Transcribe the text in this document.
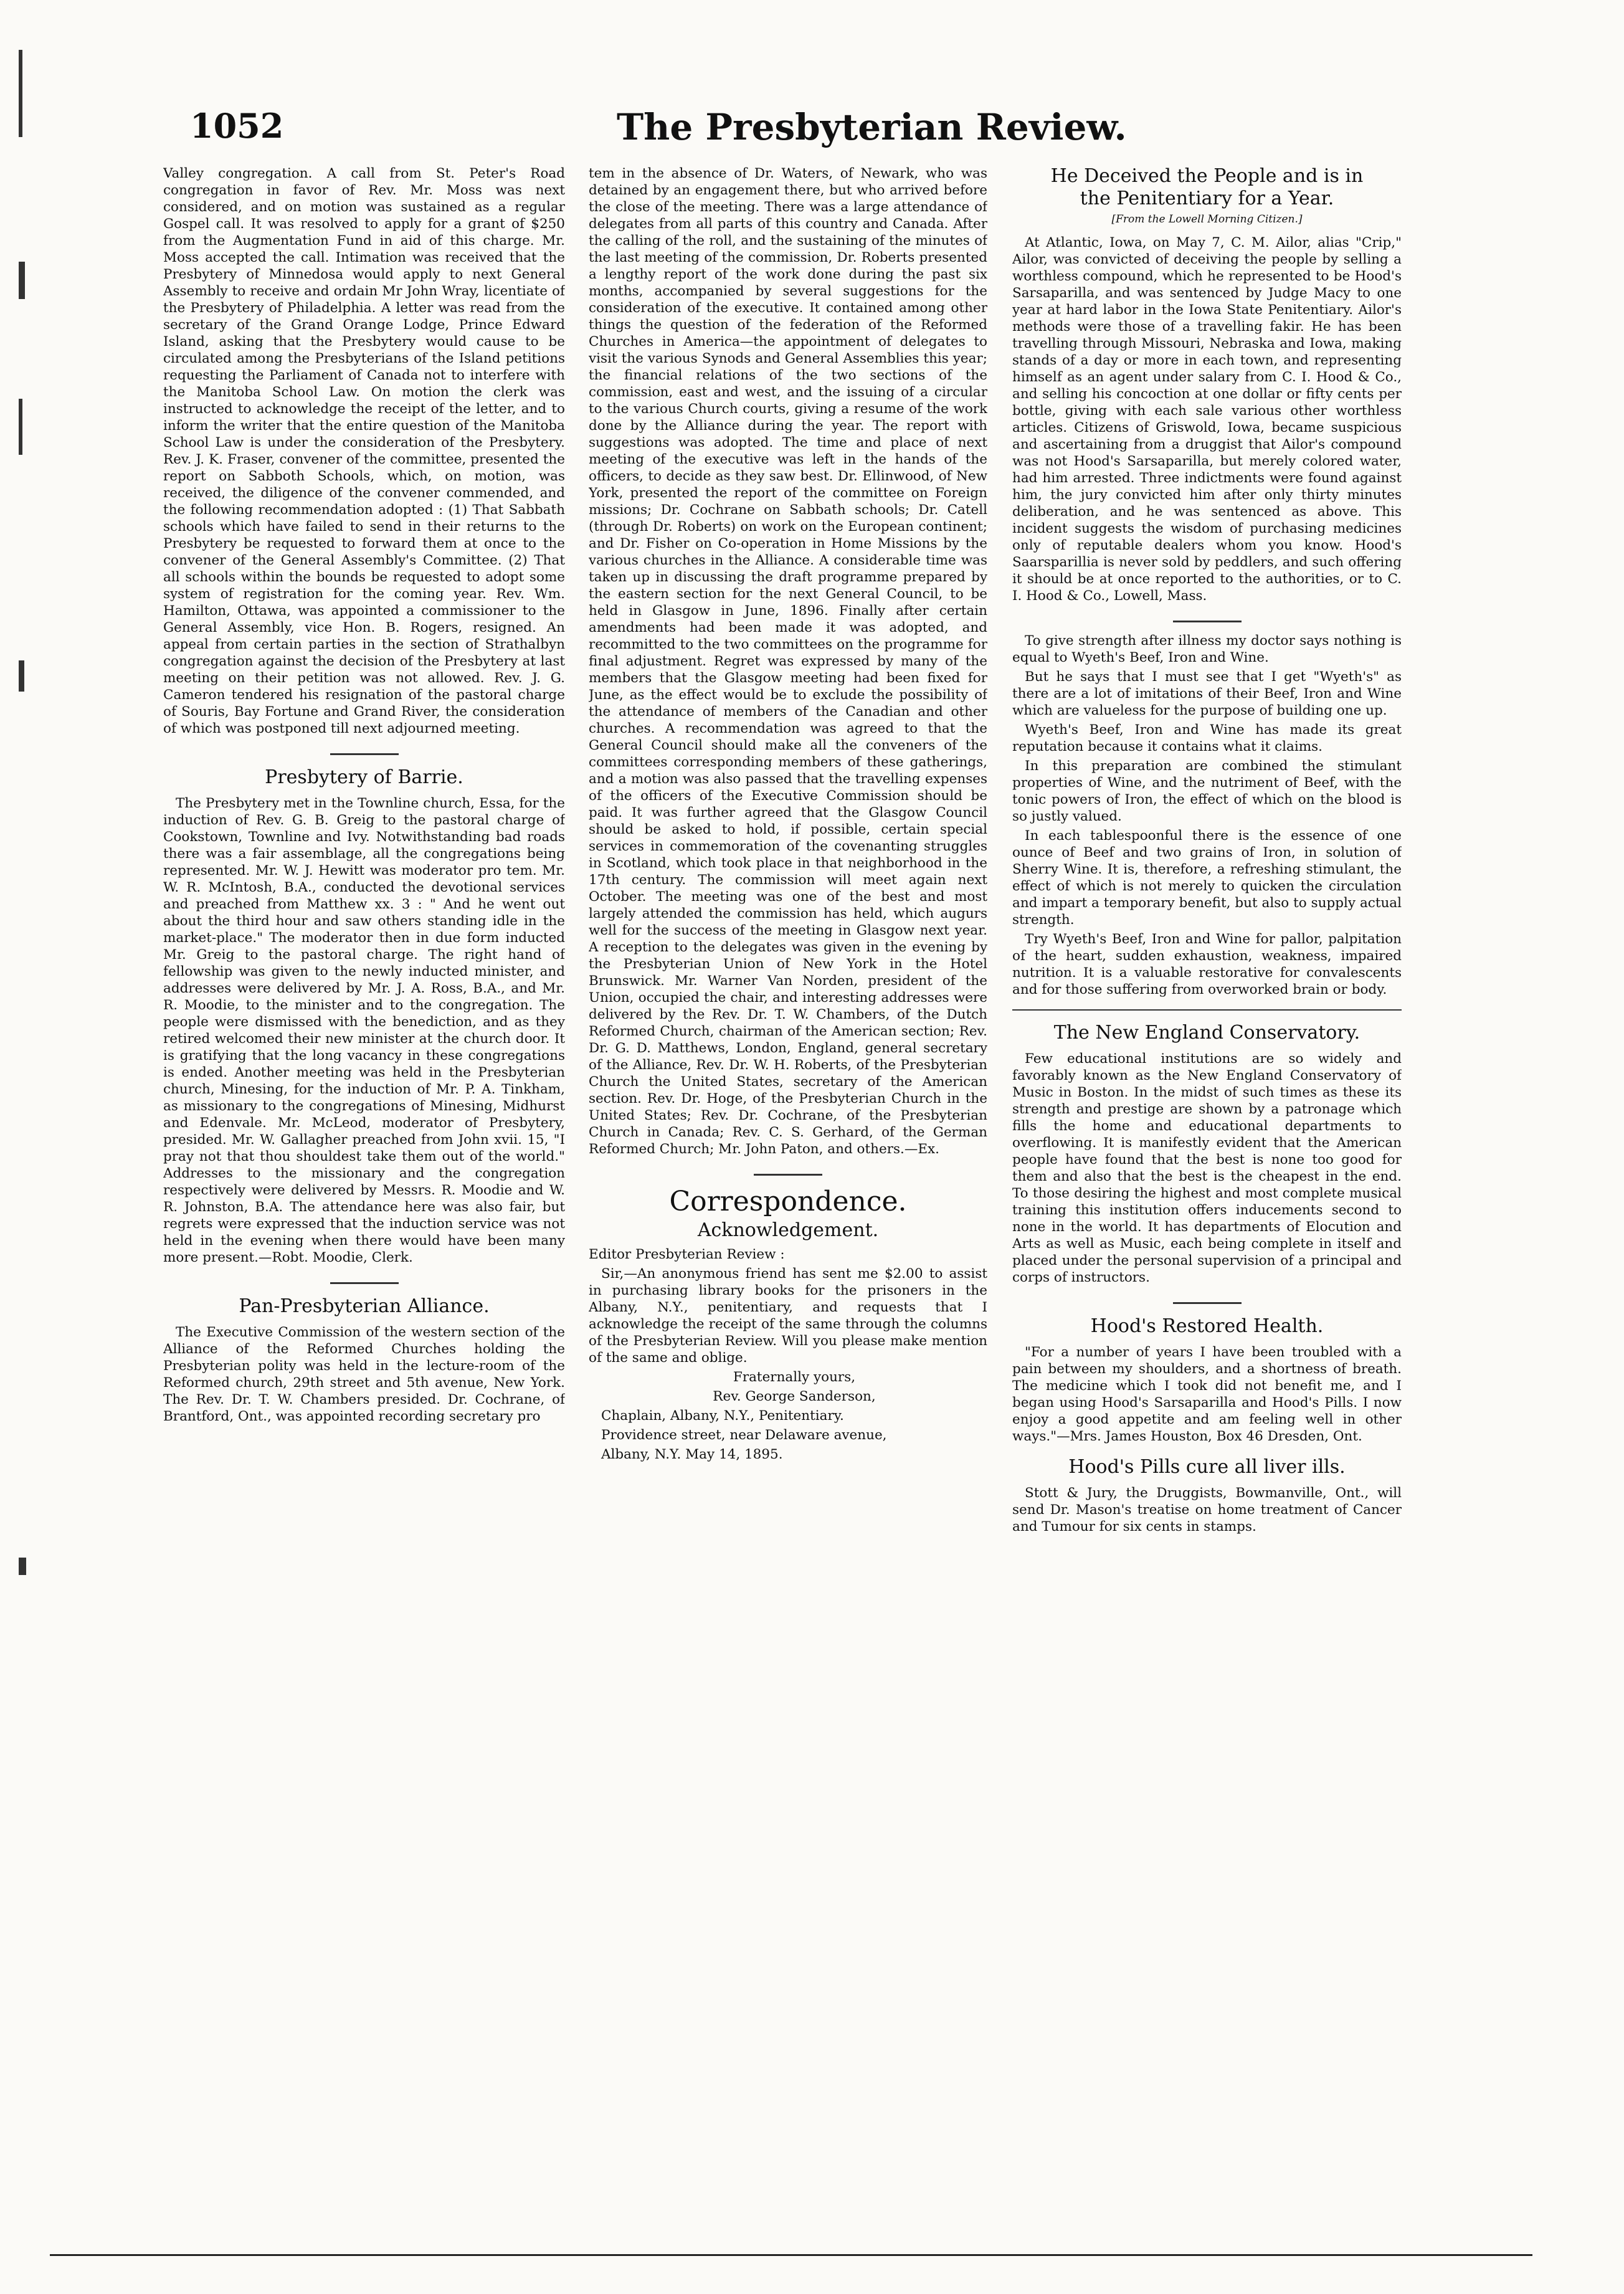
1052	The Presbyterian Review.

Valley congregation. A call from St. Peter's Road congregation in favor of Rev. Mr. Moss was next considered, and on motion was sustained as a regular Gospel call. It was resolved to apply for a grant of $250 from the Augmentation Fund in aid of this charge. Mr. Moss accepted the call. Intimation was received that the Presbytery of Minnedosa would apply to next General Assembly to receive and ordain Mr John Wray, licentiate of the Presbytery of Philadelphia. A letter was read from the secretary of the Grand Orange Lodge, Prince Edward Island, asking that the Presbytery would cause to be circulated among the Presbyterians of the Island petitions requesting the Parliament of Canada not to interfere with the Manitoba School Law. On motion the clerk was instructed to acknowledge the receipt of the letter, and to inform the writer that the entire question of the Manitoba School Law is under the consideration of the Presbytery. Rev. J. K. Fraser, convener of the committee, presented the report on Sabboth Schools, which, on motion, was received, the diligence of the convener commended, and the following recommendation adopted : (1) That Sabbath schools which have failed to send in their returns to the Presbytery be requested to forward them at once to the convener of the General Assembly's Committee. (2) That all schools within the bounds be requested to adopt some system of registration for the coming year. Rev. Wm. Hamilton, Ottawa, was appointed a commissioner to the General Assembly, vice Hon. B. Rogers, resigned. An appeal from certain parties in the section of Strathalbyn congregation against the decision of the Presbytery at last meeting on their petition was not allowed. Rev. J. G. Cameron tendered his resignation of the pastoral charge of Souris, Bay Fortune and Grand River, the consideration of which was postponed till next adjourned meeting.

Presbytery of Barrie.

The Presbytery met in the Townline church, Essa, for the induction of Rev. G. B. Greig to the pastoral charge of Cookstown, Townline and Ivy. Notwithstanding bad roads there was a fair assemblage, all the congregations being represented. Mr. W. J. Hewitt was moderator pro tem. Mr. W. R. McIntosh, B.A., conducted the devotional services and preached from Matthew xx. 3 : " And he went out about the third hour and saw others standing idle in the market-place." The moderator then in due form inducted Mr. Greig to the pastoral charge. The right hand of fellowship was given to the newly inducted minister, and addresses were delivered by Mr. J. A. Ross, B.A., and Mr. R. Moodie, to the minister and to the congregation. The people were dismissed with the benediction, and as they retired welcomed their new minister at the church door. It is gratifying that the long vacancy in these congregations is ended. Another meeting was held in the Presbyterian church, Minesing, for the induction of Mr. P. A. Tinkham, as missionary to the congregations of Minesing, Midhurst and Edenvale. Mr. McLeod, moderator of Presbytery, presided. Mr. W. Gallagher preached from John xvii. 15, "I pray not that thou shouldest take them out of the world." Addresses to the missionary and the congregation respectively were delivered by Messrs. R. Moodie and W. R. Johnston, B.A. The attendance here was also fair, but regrets were expressed that the induction service was not held in the evening when there would have been many more present.—Robt. Moodie, Clerk.

Pan-Presbyterian Alliance.

The Executive Commission of the western section of the Alliance of the Reformed Churches holding the Presbyterian polity was held in the lecture-room of the Reformed church, 29th street and 5th avenue, New York. The Rev. Dr. T. W. Chambers presided. Dr. Cochrane, of Brantford, Ont., was appointed recording secretary pro

tem in the absence of Dr. Waters, of Newark, who was detained by an engagement there, but who arrived before the close of the meeting. There was a large attendance of delegates from all parts of this country and Canada. After the calling of the roll, and the sustaining of the minutes of the last meeting of the commission, Dr. Roberts presented a lengthy report of the work done during the past six months, accompanied by several suggestions for the consideration of the executive. It contained among other things the question of the federation of the Reformed Churches in America—the appointment of delegates to visit the various Synods and General Assemblies this year; the financial relations of the two sections of the commission, east and west, and the issuing of a circular to the various Church courts, giving a resume of the work done by the Alliance during the year. The report with suggestions was adopted. The time and place of next meeting of the executive was left in the hands of the officers, to decide as they saw best. Dr. Ellinwood, of New York, presented the report of the committee on Foreign missions; Dr. Cochrane on Sabbath schools; Dr. Catell (through Dr. Roberts) on work on the European continent; and Dr. Fisher on Co-operation in Home Missions by the various churches in the Alliance. A considerable time was taken up in discussing the draft programme prepared by the eastern section for the next General Council, to be held in Glasgow in June, 1896. Finally after certain amendments had been made it was adopted, and recommitted to the two committees on the programme for final adjustment. Regret was expressed by many of the members that the Glasgow meeting had been fixed for June, as the effect would be to exclude the possibility of the attendance of members of the Canadian and other churches. A recommendation was agreed to that the General Council should make all the conveners of the committees corresponding members of these gatherings, and a motion was also passed that the travelling expenses of the officers of the Executive Commission should be paid. It was further agreed that the Glasgow Council should be asked to hold, if possible, certain special services in commemoration of the covenanting struggles in Scotland, which took place in that neighborhood in the 17th century. The commission will meet again next October. The meeting was one of the best and most largely attended the commission has held, which augurs well for the success of the meeting in Glasgow next year. A reception to the delegates was given in the evening by the Presbyterian Union of New York in the Hotel Brunswick. Mr. Warner Van Norden, president of the Union, occupied the chair, and interesting addresses were delivered by the Rev. Dr. T. W. Chambers, of the Dutch Reformed Church, chairman of the American section; Rev. Dr. G. D. Matthews, London, England, general secretary of the Alliance, Rev. Dr. W. H. Roberts, of the Presbyterian Church the United States, secretary of the American section. Rev. Dr. Hoge, of the Presbyterian Church in the United States; Rev. Dr. Cochrane, of the Presbyterian Church in Canada; Rev. C. S. Gerhard, of the German Reformed Church; Mr. John Paton, and others.—Ex.

Correspondence.
Acknowledgement.

Editor Presbyterian Review :

Sir,—An anonymous friend has sent me $2.00 to assist in purchasing library books for the prisoners in the Albany, N.Y., penitentiary, and requests that I acknowledge the receipt of the same through the columns of the Presbyterian Review. Will you please make mention of the same and oblige.

Fraternally yours,

Rev. George Sanderson,

Chaplain, Albany, N.Y., Penitentiary.

Providence street, near Delaware avenue,

Albany, N.Y. May 14, 1895.

He Deceived the People and is in
the Penitentiary for a Year.
[From the Lowell Morning Citizen.]

At Atlantic, Iowa, on May 7, C. M. Ailor, alias "Crip," Ailor, was convicted of deceiving the people by selling a worthless compound, which he represented to be Hood's Sarsaparilla, and was sentenced by Judge Macy to one year at hard labor in the Iowa State Penitentiary. Ailor's methods were those of a travelling fakir. He has been travelling through Missouri, Nebraska and Iowa, making stands of a day or more in each town, and representing himself as an agent under salary from C. I. Hood & Co., and selling his concoction at one dollar or fifty cents per bottle, giving with each sale various other worthless articles. Citizens of Griswold, Iowa, became suspicious and ascertaining from a druggist that Ailor's compound was not Hood's Sarsaparilla, but merely colored water, had him arrested. Three indictments were found against him, the jury convicted him after only thirty minutes deliberation, and he was sentenced as above. This incident suggests the wisdom of purchasing medicines only of reputable dealers whom you know. Hood's Saarsparillia is never sold by peddlers, and such offering it should be at once reported to the authorities, or to C. I. Hood & Co., Lowell, Mass.

To give strength after illness my doctor says nothing is equal to Wyeth's Beef, Iron and Wine.

But he says that I must see that I get "Wyeth's" as there are a lot of imitations of their Beef, Iron and Wine which are valueless for the purpose of building one up.

Wyeth's Beef, Iron and Wine has made its great reputation because it contains what it claims.

In this preparation are combined the stimulant properties of Wine, and the nutriment of Beef, with the tonic powers of Iron, the effect of which on the blood is so justly valued.

In each tablespoonful there is the essence of one ounce of Beef and two grains of Iron, in solution of Sherry Wine. It is, therefore, a refreshing stimulant, the effect of which is not merely to quicken the circulation and impart a temporary benefit, but also to supply actual strength.

Try Wyeth's Beef, Iron and Wine for pallor, palpitation of the heart, sudden exhaustion, weakness, impaired nutrition. It is a valuable restorative for convalescents and for those suffering from overworked brain or body.

The New England Conservatory.

Few educational institutions are so widely and favorably known as the New England Conservatory of Music in Boston. In the midst of such times as these its strength and prestige are shown by a patronage which fills the home and educational departments to overflowing. It is manifestly evident that the American people have found that the best is none too good for them and also that the best is the cheapest in the end. To those desiring the highest and most complete musical training this institution offers inducements second to none in the world. It has departments of Elocution and Arts as well as Music, each being complete in itself and placed under the personal supervision of a principal and corps of instructors.

Hood's Restored Health.

"For a number of years I have been troubled with a pain between my shoulders, and a shortness of breath. The medicine which I took did not benefit me, and I began using Hood's Sarsaparilla and Hood's Pills. I now enjoy a good appetite and am feeling well in other ways."—Mrs. James Houston, Box 46 Dresden, Ont.

Hood's Pills cure all liver ills.

Stott & Jury, the Druggists, Bowmanville, Ont., will send Dr. Mason's treatise on home treatment of Cancer and Tumour for six cents in stamps.
